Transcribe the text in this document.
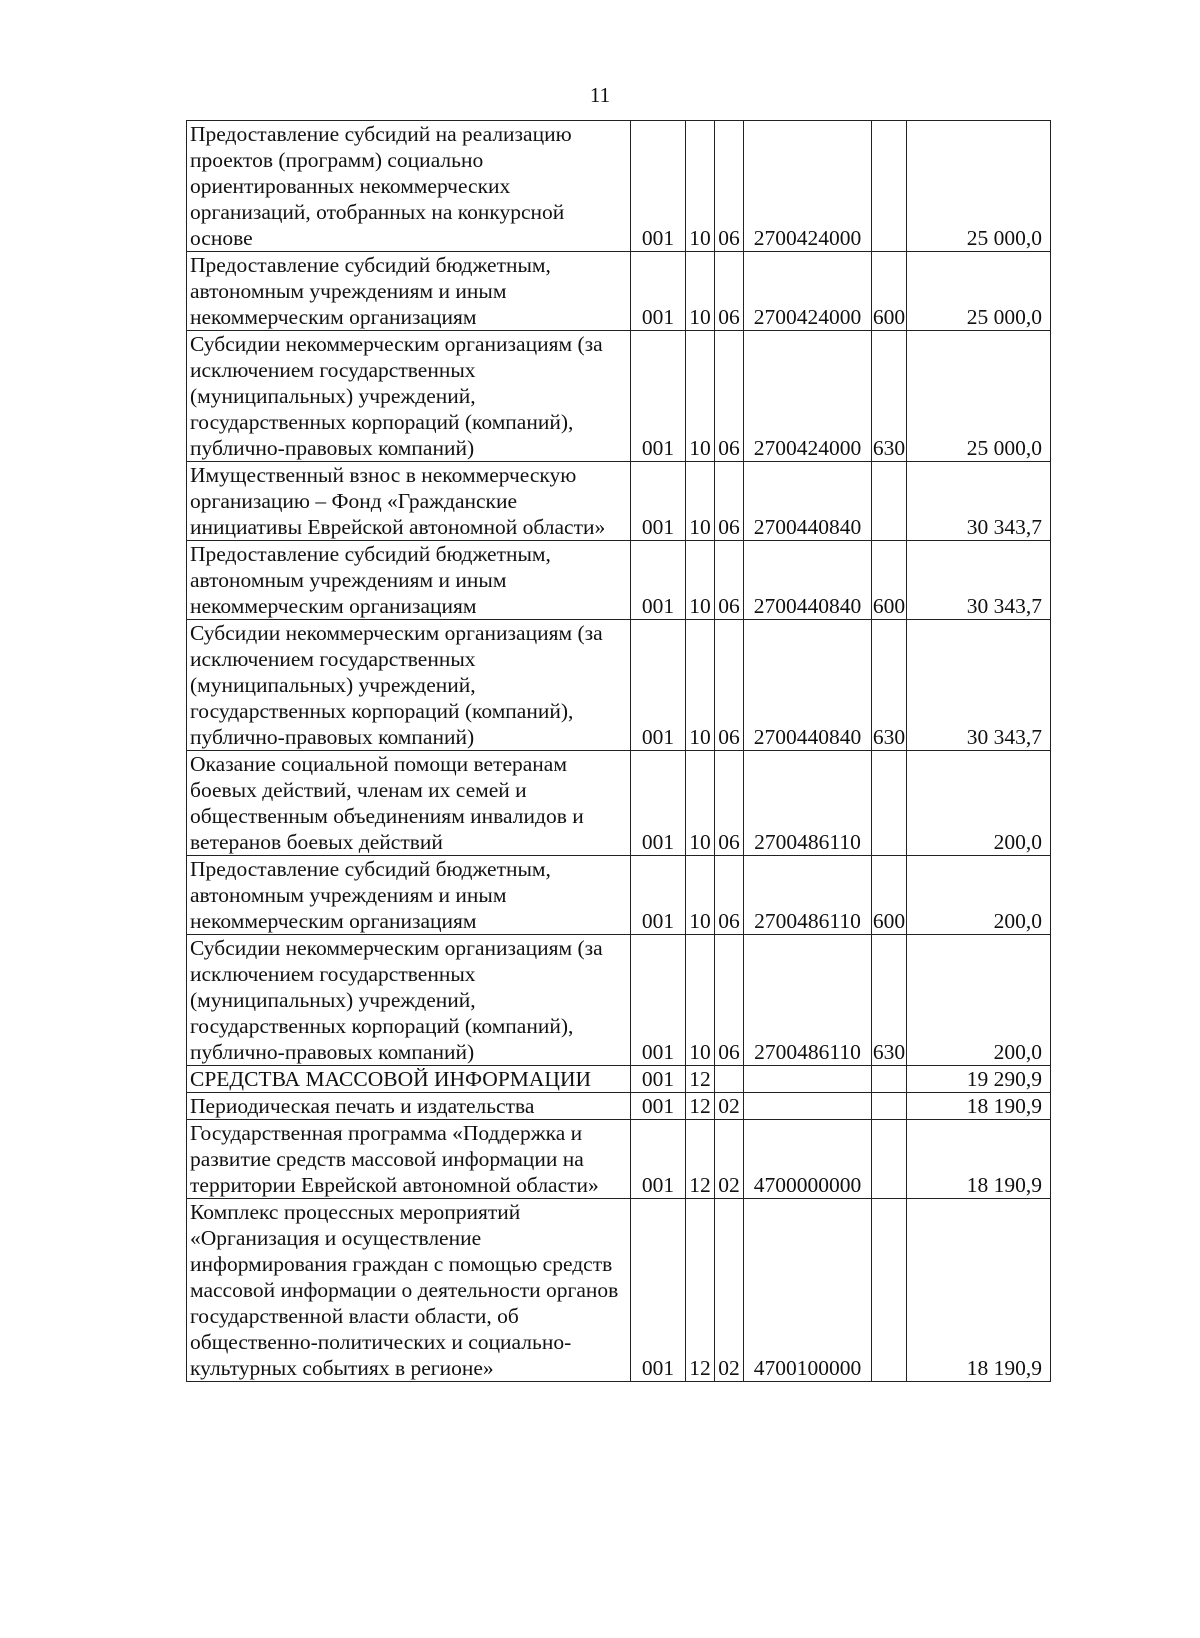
11
Предоставление субсидий на реализацию проектов (программ) социально ориентированных некоммерческих организаций, отобранных на конкурсной основе	001	10	06	2700424000		25 000,0
Предоставление субсидий бюджетным, автономным учреждениям и иным некоммерческим организациям	001	10	06	2700424000	600	25 000,0
Субсидии некоммерческим организациям (за исключением государственных (муниципальных) учреждений, государственных корпораций (компаний), публично-правовых компаний)	001	10	06	2700424000	630	25 000,0
Имущественный взнос в некоммерческую организацию – Фонд «Гражданские инициативы Еврейской автономной области»	001	10	06	2700440840		30 343,7
Предоставление субсидий бюджетным, автономным учреждениям и иным некоммерческим организациям	001	10	06	2700440840	600	30 343,7
Субсидии некоммерческим организациям (за исключением государственных (муниципальных) учреждений, государственных корпораций (компаний), публично-правовых компаний)	001	10	06	2700440840	630	30 343,7
Оказание социальной помощи ветеранам боевых действий, членам их семей и общественным объединениям инвалидов и ветеранов боевых действий	001	10	06	2700486110		200,0
Предоставление субсидий бюджетным, автономным учреждениям и иным некоммерческим организациям	001	10	06	2700486110	600	200,0
Субсидии некоммерческим организациям (за исключением государственных (муниципальных) учреждений, государственных корпораций (компаний), публично-правовых компаний)	001	10	06	2700486110	630	200,0
СРЕДСТВА МАССОВОЙ ИНФОРМАЦИИ	001	12				19 290,9
Периодическая печать и издательства	001	12	02			18 190,9
Государственная программа «Поддержка и развитие средств массовой информации на территории Еврейской автономной области»	001	12	02	4700000000		18 190,9
Комплекс процессных мероприятий «Организация и осуществление информирования граждан с помощью средств массовой информации о деятельности органов государственной власти области, об общественно-политических и социально-культурных событиях в регионе»	001	12	02	4700100000		18 190,9
